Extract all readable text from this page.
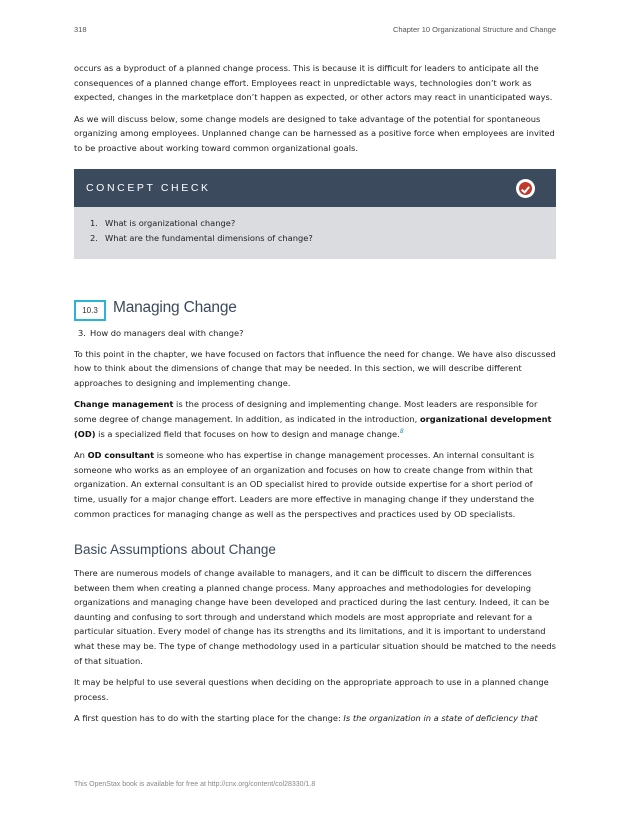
318	Chapter 10 Organizational Structure and Change

occurs as a byproduct of a planned change process. This is because it is difficult for leaders to anticipate all the consequences of a planned change effort. Employees react in unpredictable ways, technologies don’t work as expected, changes in the marketplace don’t happen as expected, or other actors may react in unanticipated ways.

As we will discuss below, some change models are designed to take advantage of the potential for spontaneous organizing among employees. Unplanned change can be harnessed as a positive force when employees are invited to be proactive about working toward common organizational goals.

CONCEPT CHECK
1. What is organizational change?
2. What are the fundamental dimensions of change?
10.3 Managing Change
3. How do managers deal with change?

To this point in the chapter, we have focused on factors that influence the need for change. We have also discussed how to think about the dimensions of change that may be needed. In this section, we will describe different approaches to designing and implementing change.

Change management is the process of designing and implementing change. Most leaders are responsible for some degree of change management. In addition, as indicated in the introduction, organizational development (OD) is a specialized field that focuses on how to design and manage change.$^8$

An OD consultant is someone who has expertise in change management processes. An internal consultant is someone who works as an employee of an organization and focuses on how to create change from within that organization. An external consultant is an OD specialist hired to provide outside expertise for a short period of time, usually for a major change effort. Leaders are more effective in managing change if they understand the common practices for managing change as well as the perspectives and practices used by OD specialists.

Basic Assumptions about Change

There are numerous models of change available to managers, and it can be difficult to discern the differences between them when creating a planned change process. Many approaches and methodologies for developing organizations and managing change have been developed and practiced during the last century. Indeed, it can be daunting and confusing to sort through and understand which models are most appropriate and relevant for a particular situation. Every model of change has its strengths and its limitations, and it is important to understand what these may be. The type of change methodology used in a particular situation should be matched to the needs of that situation.

It may be helpful to use several questions when deciding on the appropriate approach to use in a planned change process.

A first question has to do with the starting place for the change: Is the organization in a state of deficiency that

This OpenStax book is available for free at http://cnx.org/content/col28330/1.8
